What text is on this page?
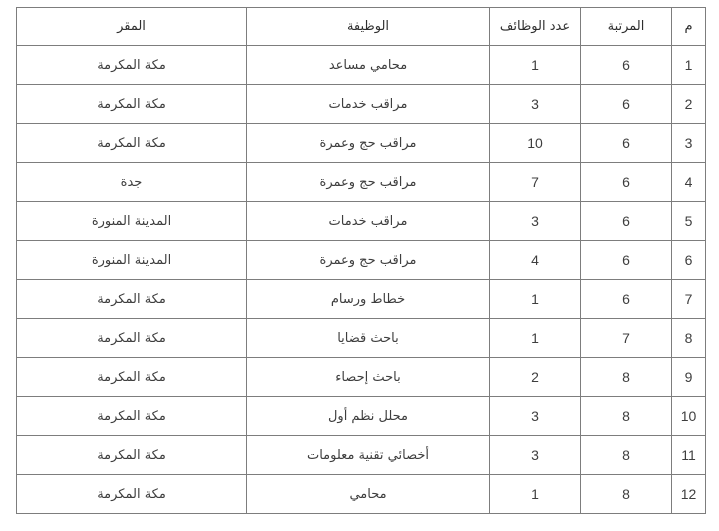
م	المرتبة	عدد الوظائف	الوظيفة	المقر
1	6	1	محامي مساعد	مكة المكرمة
2	6	3	مراقب خدمات	مكة المكرمة
3	6	10	مراقب حج وعمرة	مكة المكرمة
4	6	7	مراقب حج وعمرة	جدة
5	6	3	مراقب خدمات	المدينة المنورة
6	6	4	مراقب حج وعمرة	المدينة المنورة
7	6	1	خطاط ورسام	مكة المكرمة
8	7	1	باحث قضايا	مكة المكرمة
9	8	2	باحث إحصاء	مكة المكرمة
10	8	3	محلل نظم أول	مكة المكرمة
11	8	3	أخصائي تقنية معلومات	مكة المكرمة
12	8	1	محامي	مكة المكرمة
